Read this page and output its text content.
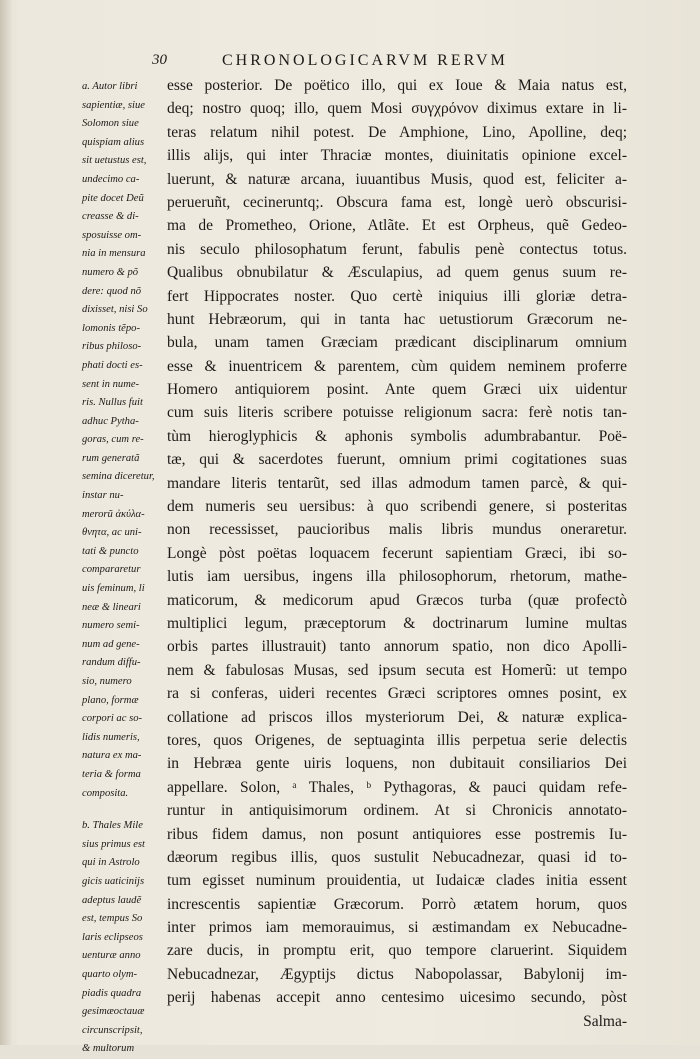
30	CHRONOLOGICARVM RERVM

a. Autor libri
sapientiæ, siue
Solomon siue
quispiam alius
sit uetustus est,
undecimo ca-
pite docet Deũ
creasse & di-
sposuisse om-
nia in mensura
numero & põ
dere: quod nõ
dixisset, nisi So
lomonis tẽpo-
ribus philoso-
phati docti es-
sent in nume-
ris. Nullus fuit
adhuc Pytha-
goras, cum re-
rum generatã
semina diceretur,
instar nu-
merorũ ἀκύλα-
θνητα, ac uni-
tati & puncto
compararetur
uis feminum, li
neæ & lineari
numero semi-
num ad gene-
randum diffu-
sio, numero
plano, formæ
corpori ac so-
lidis numeris,
natura ex ma-
teria & forma
composita.

b. Thales Mile
sius primus est
qui in Astrolo
gicis uaticinijs
adeptus laudẽ
est, tempus So
laris eclipseos
uenturæ anno
quarto olym-
piadis quadra
gesimæoctauæ
circunscripsit,
& multorum

esse posterior. De poëtico illo, qui ex Ioue & Maia natus est,
deq; nostro quoq; illo, quem Mosi συγχρόνον diximus extare in li-
teras relatum nihil potest. De Amphione, Lino, Apolline, deq;
illis alijs, qui inter Thraciæ montes, diuinitatis opinione excel-
luerunt, & naturæ arcana, iuuantibus Musis, quod est, feliciter a-
perueruñt, cecineruntq;. Obscura fama est, longè uerò obscurisi-
ma de Prometheo, Orione, Atlãte. Et est Orpheus, quẽ Gedeo-
nis seculo philosophatum ferunt, fabulis penè contectus totus.
Qualibus obnubilatur & Æsculapius, ad quem genus suum re-
fert Hippocrates noster. Quo certè iniquius illi gloriæ detra-
hunt Hebræorum, qui in tanta hac uetustiorum Græcorum ne-
bula, unam tamen Græciam prædicant disciplinarum omnium
esse & inuentricem & parentem, cùm quidem neminem proferre
Homero antiquiorem posint. Ante quem Græci uix uidentur
cum suis literis scribere potuisse religionum sacra: ferè notis tan-
tùm hieroglyphicis & aphonis symbolis adumbrabantur. Poë-
tæ, qui & sacerdotes fuerunt, omnium primi cogitationes suas
mandare literis tentarũt, sed illas admodum tamen parcè, & qui-
dem numeris seu uersibus: à quo scribendi genere, si posteritas
non recessisset, paucioribus malis libris mundus oneraretur.
Longè pòst poëtas loquacem fecerunt sapientiam Græci, ibi so-
lutis iam uersibus, ingens illa philosophorum, rhetorum, mathe-
maticorum, & medicorum apud Græcos turba (quæ profectò
multiplici legum, præceptorum & doctrinarum lumine multas
orbis partes illustrauit) tanto annorum spatio, non dico Apolli-
nem & fabulosas Musas, sed ipsum secuta est Homerũ: ut tempo
ra si conferas, uideri recentes Græci scriptores omnes posint, ex
collatione ad priscos illos mysteriorum Dei, & naturæ explica-
tores, quos Origenes, de septuaginta illis perpetua serie delectis
in Hebræa gente uiris loquens, non dubitauit consiliarios Dei
appellare. Solon, ᵃ Thales, ᵇ Pythagoras, & pauci quidam refe-
runtur in antiquisimorum ordinem. At si Chronicis annotato-
ribus fidem damus, non posunt antiquiores esse postremis Iu-
dæorum regibus illis, quos sustulit Nebucadnezar, quasi id to-
tum egisset numinum prouidentia, ut Iudaicæ clades initia essent
increscentis sapientiæ Græcorum. Porrò ætatem horum, quos
inter primos iam memorauimus, si æstimandam ex Nebucadne-
zare ducis, in promptu erit, quo tempore claruerint. Siquidem
Nebucadnezar, Ægyptijs dictus Nabopolassar, Babylonij im-
perij habenas accepit anno centesimo uicesimo secundo, pòst
Salma-
